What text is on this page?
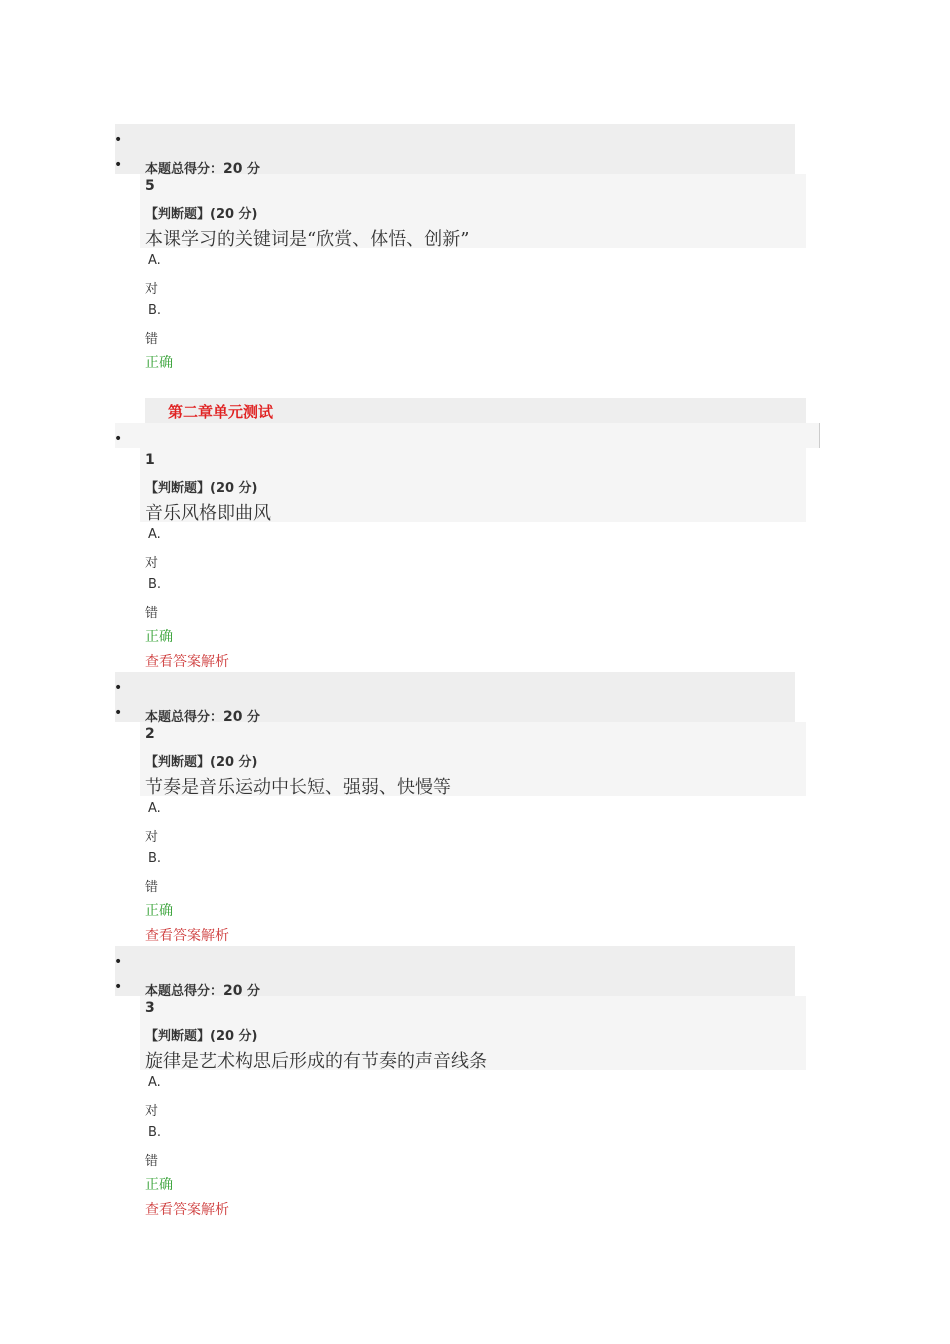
•
• 本题总得分：20 分
5
【判断题】(20 分)
本课学习的关键词是“欣赏、体悟、创新”
A.
对
B.
错
正确
第二章单元测试
•
1
【判断题】(20 分)
音乐风格即曲风
A.
对
B.
错
正确
查看答案解析
•
• 本题总得分：20 分
2
【判断题】(20 分)
节奏是音乐运动中长短、强弱、快慢等
A.
对
B.
错
正确
查看答案解析
•
• 本题总得分：20 分
3
【判断题】(20 分)
旋律是艺术构思后形成的有节奏的声音线条
A.
对
B.
错
正确
查看答案解析
